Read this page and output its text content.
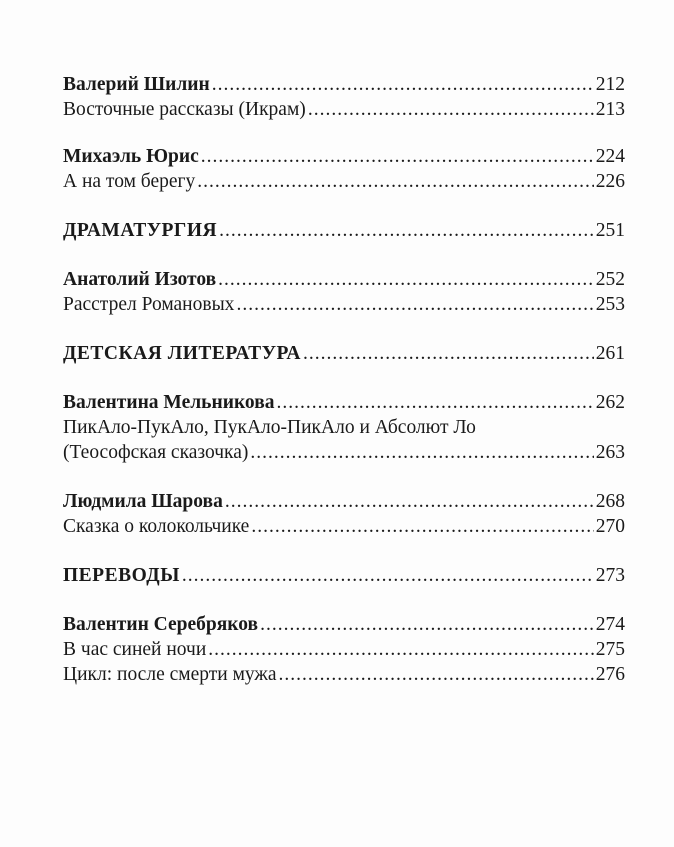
Валерий Шилин .....	212
Восточные рассказы (Икрам) .....	213
Михаэль Юрис .....	224
А на том берегу .....	226
ДРАМАТУРГИЯ .....	251
Анатолий Изотов .....	252
Расстрел Романовых .....	253
ДЕТСКАЯ ЛИТЕРАТУРА .....	261
Валентина Мельникова .....	262
ПикАло-ПукАло, ПукАло-ПикАло и Абсолют Ло
(Теософская сказочка) .....	263
Людмила Шарова .....	268
Сказка о колокольчике .....	270
ПЕРЕВОДЫ .....	273
Валентин Серебряков .....	274
В час синей ночи .....	275
Цикл: после смерти мужа .....	276
